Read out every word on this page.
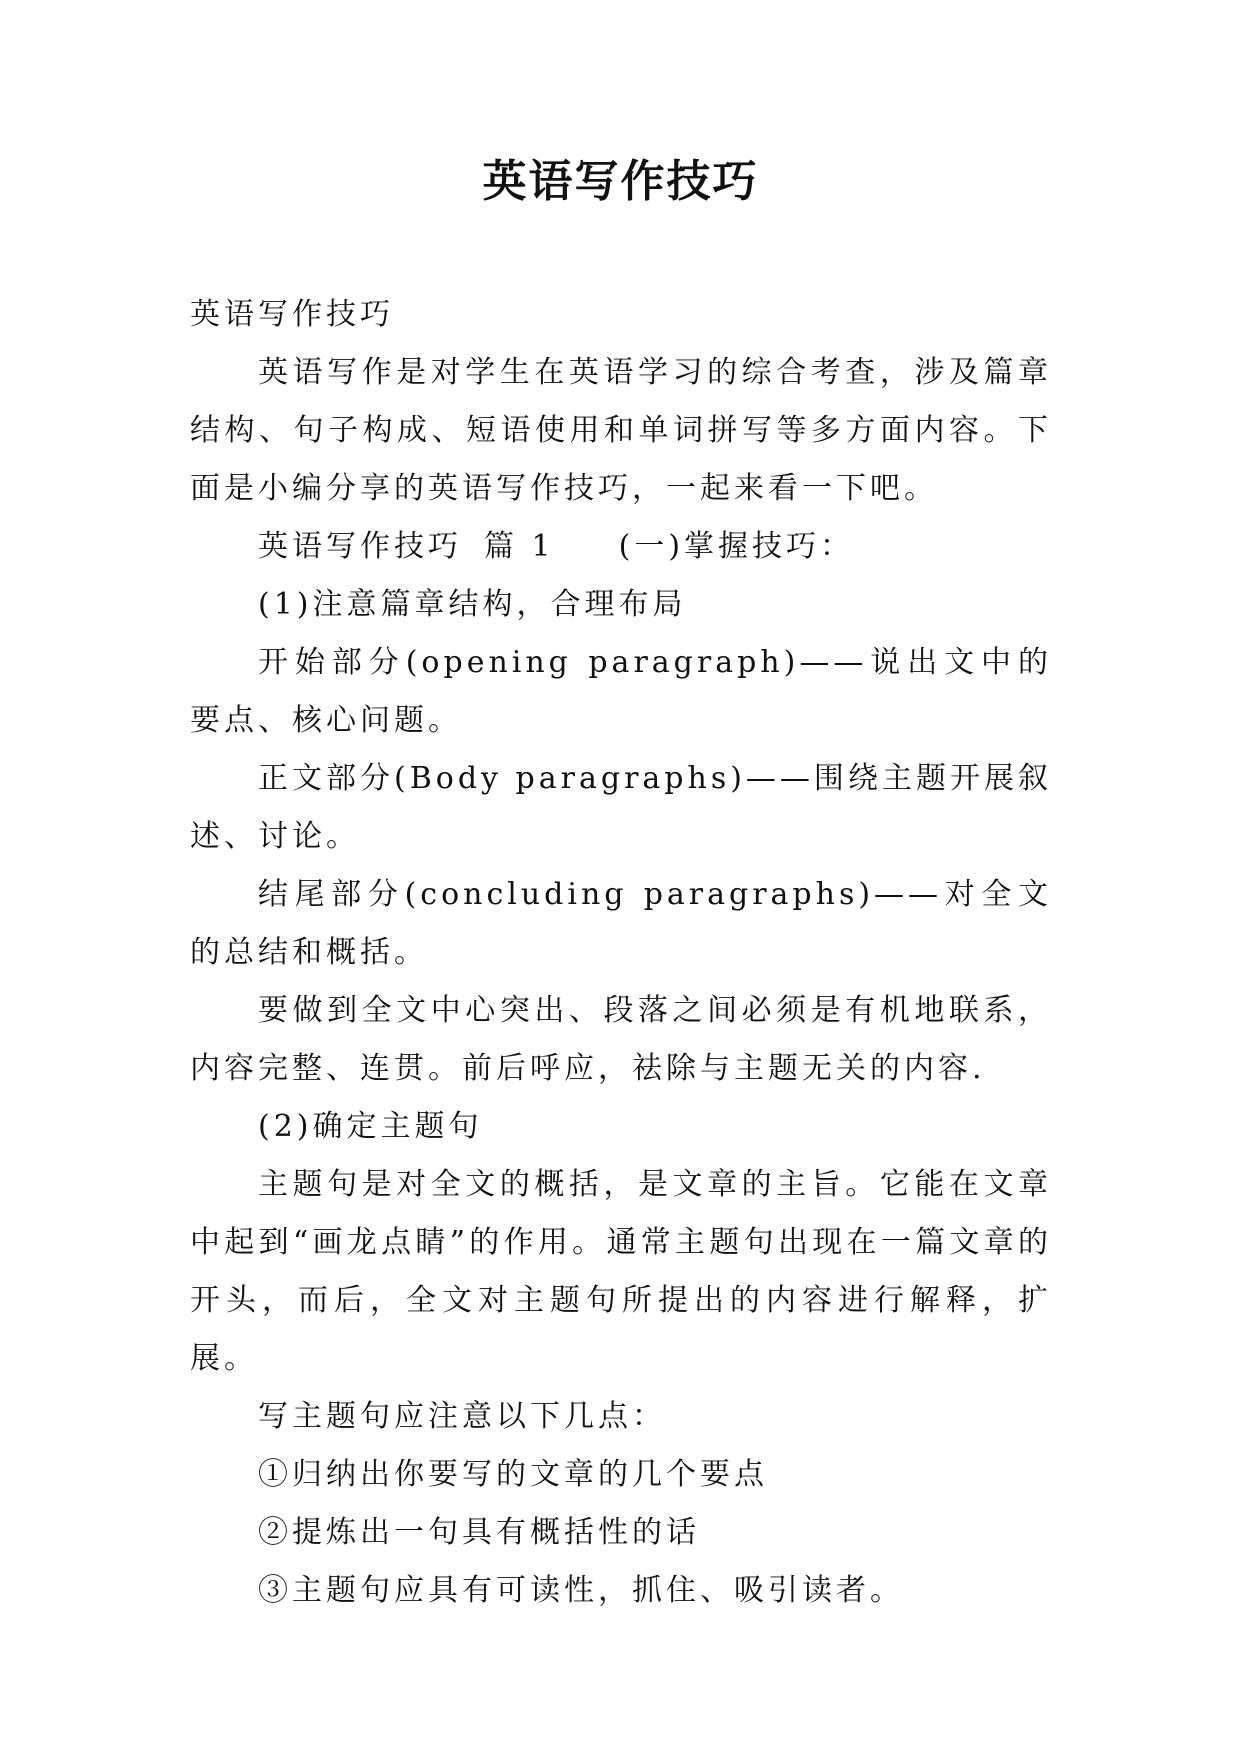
英语写作技巧

英语写作技巧

英语写作是对学生在英语学习的综合考查，涉及篇章结构、句子构成、短语使用和单词拼写等多方面内容。下面是小编分享的英语写作技巧，一起来看一下吧。

英语写作技巧 篇 1 (一)掌握技巧：

(1)注意篇章结构，合理布局

开始部分(opening paragraph)——说出文中的要点、核心问题。

正文部分(Body paragraphs)——围绕主题开展叙述、讨论。

结尾部分(concluding paragraphs)——对全文的总结和概括。

要做到全文中心突出、段落之间必须是有机地联系，内容完整、连贯。前后呼应，祛除与主题无关的内容.

(2)确定主题句

主题句是对全文的概括，是文章的主旨。它能在文章中起到“画龙点睛”的作用。通常主题句出现在一篇文章的开头，而后，全文对主题句所提出的内容进行解释，扩展。

写主题句应注意以下几点：

①归纳出你要写的文章的几个要点

②提炼出一句具有概括性的话

③主题句应具有可读性，抓住、吸引读者。
